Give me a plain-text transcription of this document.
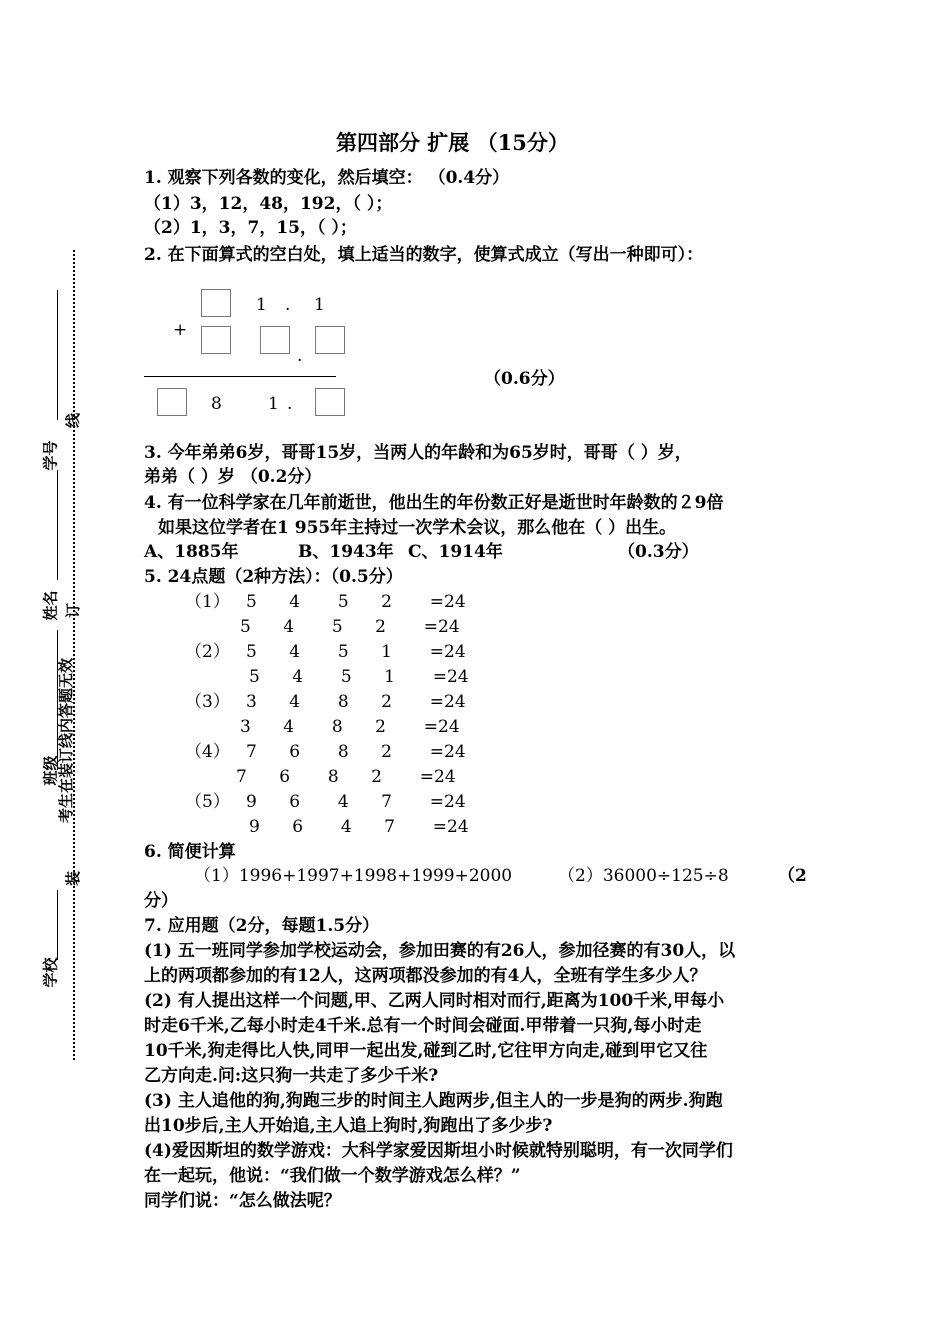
学校
班级
姓名
学号
装
考生在装订线内答题无效
订
线
第四部分 扩展 （15分）
1. 观察下列各数的变化，然后填空： （0.4分）
（1）3，12，48，192，（ ）；
（2）1，3，7，15，（ ）；
2. 在下面算式的空白处，填上适当的数字，使算式成立（写出一种即可）：
1 . 1
+
.
（0.6分）
8	1 .
3. 今年弟弟6岁，哥哥15岁，当两人的年龄和为65岁时，哥哥（ ）岁，
弟弟（ ）岁 （0.2分）
4. 有一位科学家在几年前逝世，他出生的年份数正好是逝世时年龄数的２9倍
如果这位学者在1 955年主持过一次学术会议，那么他在（ ）出生。
A、1885年	B、1943年 C、1914年	（0.3分）
5. 24点题（2种方法）：（0.5分）
（1）   5      4       5      2       =24
5      4       5      2       =24
（2）   5      4       5      1       =24
5      4       5      1       =24
（3）   3      4       8      2       =24
3      4       8      2       =24
（4）   7      6       8      2       =24
7      6       8      2       =24
（5）   9      6       4      7       =24
9      6       4      7       =24
6. 简便计算
（1）1996+1997+1998+1999+2000	（2）36000÷125÷8	（2
分）
7. 应用题（2分，每题1.5分）
(1) 五一班同学参加学校运动会，参加田赛的有26人，参加径赛的有30人，以
上的两项都参加的有12人，这两项都没参加的有4人，全班有学生多少人？
(2) 有人提出这样一个问题,甲、乙两人同时相对而行,距离为100千米,甲每小
时走6千米,乙每小时走4千米.总有一个时间会碰面.甲带着一只狗,每小时走
10千米,狗走得比人快,同甲一起出发,碰到乙时,它往甲方向走,碰到甲它又往
乙方向走.问:这只狗一共走了多少千米?
(3) 主人追他的狗,狗跑三步的时间主人跑两步,但主人的一步是狗的两步.狗跑
出10步后,主人开始追,主人追上狗时,狗跑出了多少步?
(4)爱因斯坦的数学游戏：大科学家爱因斯坦小时候就特别聪明，有一次同学们
在一起玩，他说：“我们做一个数学游戏怎么样？”
同学们说：“怎么做法呢？
